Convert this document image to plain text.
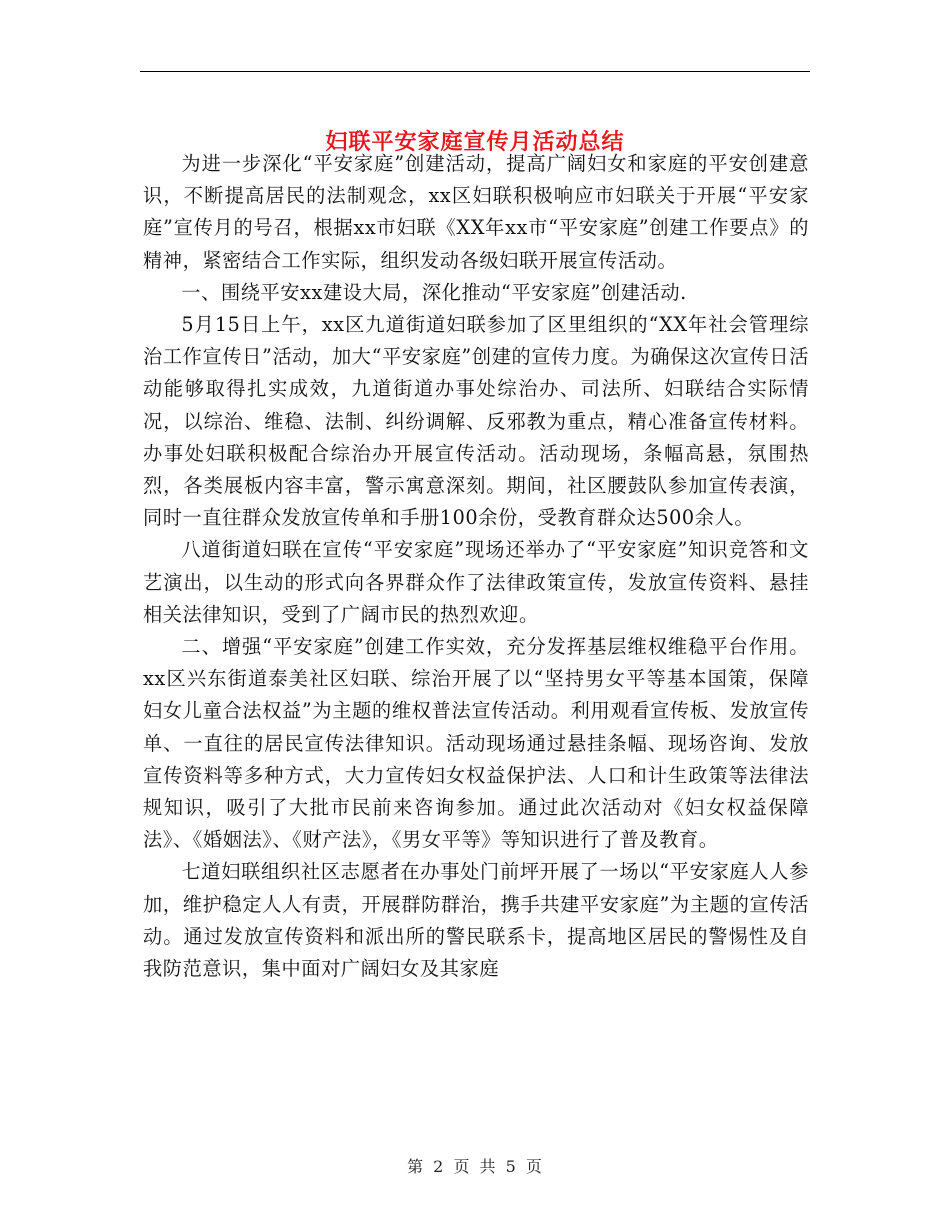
妇联平安家庭宣传月活动总结

为进一步深化“平安家庭”创建活动，提高广阔妇女和家庭的平安创建意识，不断提高居民的法制观念，xx区妇联积极响应市妇联关于开展“平安家庭”宣传月的号召，根据xx市妇联《XX年xx市“平安家庭”创建工作要点》的精神，紧密结合工作实际，组织发动各级妇联开展宣传活动。

一、围绕平安xx建设大局，深化推动“平安家庭”创建活动.

5月15日上午，xx区九道街道妇联参加了区里组织的“XX年社会管理综治工作宣传日”活动，加大“平安家庭”创建的宣传力度。为确保这次宣传日活动能够取得扎实成效，九道街道办事处综治办、司法所、妇联结合实际情况，以综治、维稳、法制、纠纷调解、反邪教为重点，精心准备宣传材料。办事处妇联积极配合综治办开展宣传活动。活动现场，条幅高悬，氛围热烈，各类展板内容丰富，警示寓意深刻。期间，社区腰鼓队参加宣传表演，同时一直往群众发放宣传单和手册100余份，受教育群众达500余人。

八道街道妇联在宣传“平安家庭”现场还举办了“平安家庭”知识竞答和文艺演出，以生动的形式向各界群众作了法律政策宣传，发放宣传资料、悬挂相关法律知识，受到了广阔市民的热烈欢迎。

二、增强“平安家庭”创建工作实效，充分发挥基层维权维稳平台作用。xx区兴东街道泰美社区妇联、综治开展了以“坚持男女平等基本国策，保障妇女儿童合法权益”为主题的维权普法宣传活动。利用观看宣传板、发放宣传单、一直往的居民宣传法律知识。活动现场通过悬挂条幅、现场咨询、发放宣传资料等多种方式，大力宣传妇女权益保护法、人口和计生政策等法律法规知识，吸引了大批市民前来咨询参加。通过此次活动对《妇女权益保障法》、《婚姻法》、《财产法》，《男女平等》等知识进行了普及教育。

七道妇联组织社区志愿者在办事处门前坪开展了一场以“平安家庭人人参加，维护稳定人人有责，开展群防群治，携手共建平安家庭”为主题的宣传活动。通过发放宣传资料和派出所的警民联系卡，提高地区居民的警惕性及自我防范意识，集中面对广阔妇女及其家庭

第 2 页 共 5 页
